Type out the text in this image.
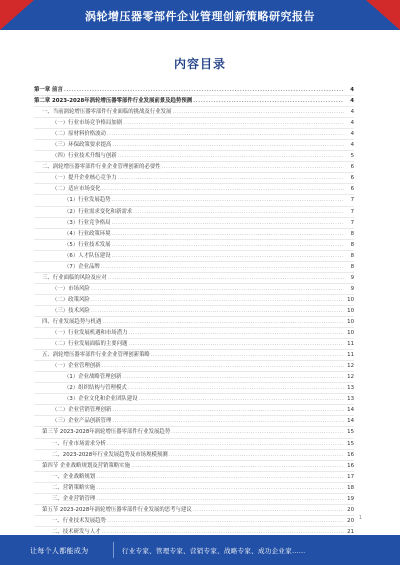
涡轮增压器零部件企业管理创新策略研究报告
内容目录
第一章 前言 .....	4
第二章 2023-2028年涡轮增压器零部件行业发展前景及趋势预测 .....	4
一、当前涡轮增压器零部件行业面临的挑战及行业发展 .....	4
（一）行业市场竞争格局加剧 .....	4
（二）原材料价格波动 .....	4
（三）环保政策要求提高 .....	4
（四）行业技术升级与创新 .....	5
二、涡轮增压器零部件行业企业管理创新的必要性 .....	6
（一）提升企业核心竞争力 .....	6
（二）适应市场变化 .....	6
（1）行业发展趋势 .....	7
（2）行业需求变化和新需求 .....	7
（3）行业竞争格局 .....	7
（4）行业政策环境 .....	8
（5）行业技术发展 .....	8
（6）人才队伍建设 .....	8
（7）企业品牌 .....	8
三、行业面临的风险及应对 .....	9
（一）市场风险 .....	9
（二）政策风险 .....	10
（三）技术风险 .....	10
四、行业发展趋势与机遇 .....	10
（一）行业发展机遇和市场潜力 .....	10
（二）行业发展面临的主要问题 .....	11
五、涡轮增压器零部件行业企业管理创新策略 .....	11
（一）企业管理创新 .....	12
（1）企业战略管理创新 .....	12
（2）组织结构与管理模式 .....	13
（3）企业文化和企业团队建设 .....	13
（二）企业营销管理创新 .....	14
（三）企业产品创新管理 .....	14
第三节 2023-2028年涡轮增压器零部件行业发展趋势 .....	15
一、行业市场需求分析 .....	15
二、2023-2028年行业发展趋势及市场规模预测 .....	16
第四节 企业战略规划及营销策略实施 .....	16
一、企业战略规划 .....	17
二、营销策略实施 .....	18
三、企业营销管理 .....	19
第五节 2023-2028年涡轮增压器零部件行业发展的思考与建议 .....	20
一、行业技术发展趋势 .....	20
二、技术研发与人才 .....	21
.....
1
让每个人都能成为	行业专家、管理专家、营销专家、战略专家、成功企业家……
